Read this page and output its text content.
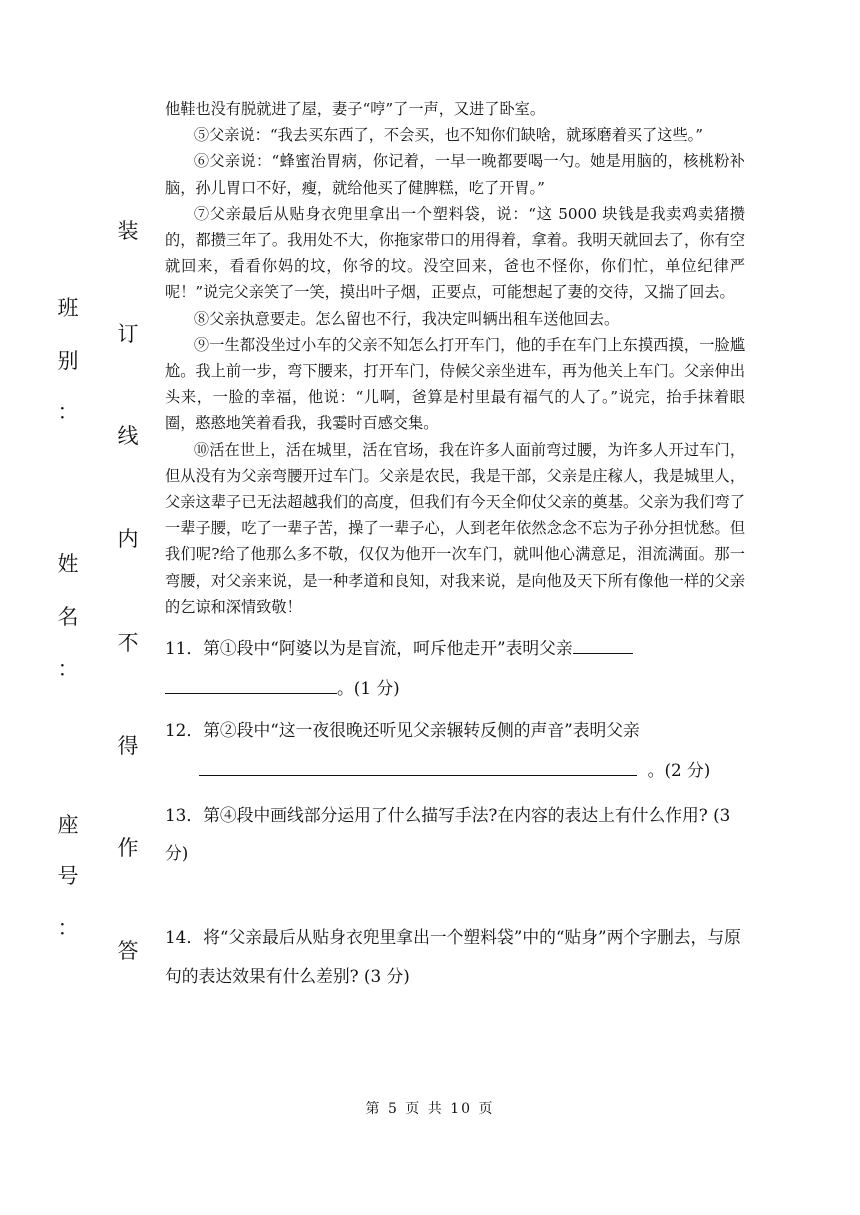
班
别
：
姓
名
：
座
号
：
装
订
线
内
不
得
作
答

他鞋也没有脱就进了屋，妻子“哼”了一声，又进了卧室。

⑤父亲说：“我去买东西了，不会买，也不知你们缺啥，就琢磨着买了这些。”

⑥父亲说：“蜂蜜治胃病，你记着，一早一晚都要喝一勺。她是用脑的，核桃粉补脑，孙儿胃口不好，瘦，就给他买了健脾糕，吃了开胃。”

⑦父亲最后从贴身衣兜里拿出一个塑料袋，说：“这 5000 块钱是我卖鸡卖猪攒的，都攒三年了。我用处不大，你拖家带口的用得着，拿着。我明天就回去了，你有空就回来，看看你妈的坟，你爷的坟。没空回来，爸也不怪你，你们忙，单位纪律严呢！”说完父亲笑了一笑，摸出叶子烟，正要点，可能想起了妻的交待，又揣了回去。

⑧父亲执意要走。怎么留也不行，我决定叫辆出租车送他回去。

⑨一生都没坐过小车的父亲不知怎么打开车门，他的手在车门上东摸西摸，一脸尴尬。我上前一步，弯下腰来，打开车门，侍候父亲坐进车，再为他关上车门。父亲伸出头来，一脸的幸福，他说：“儿啊，爸算是村里最有福气的人了。”说完，抬手抹着眼圈，憨憨地笑着看我，我霎时百感交集。

⑩活在世上，活在城里，活在官场，我在许多人面前弯过腰，为许多人开过车门，但从没有为父亲弯腰开过车门。父亲是农民，我是干部，父亲是庄稼人，我是城里人，父亲这辈子已无法超越我们的高度，但我们有今天全仰仗父亲的奠基。父亲为我们弯了一辈子腰，吃了一辈子苦，操了一辈子心，人到老年依然念念不忘为子孙分担忧愁。但我们呢?给了他那么多不敬，仅仅为他开一次车门，就叫他心满意足，泪流满面。那一弯腰，对父亲来说，是一种孝道和良知，对我来说，是向他及天下所有像他一样的父亲的乞谅和深情致敬！

11．第①段中“阿婆以为是盲流，呵斥他走开”表明父亲

。(1 分)

12．第②段中“这一夜很晚还听见父亲辗转反侧的声音”表明父亲

。(2 分)

13．第④段中画线部分运用了什么描写手法?在内容的表达上有什么作用? (3 分)

14．将“父亲最后从贴身衣兜里拿出一个塑料袋”中的“贴身”两个字删去，与原句的表达效果有什么差别? (3 分)

第 5 页 共 10 页
